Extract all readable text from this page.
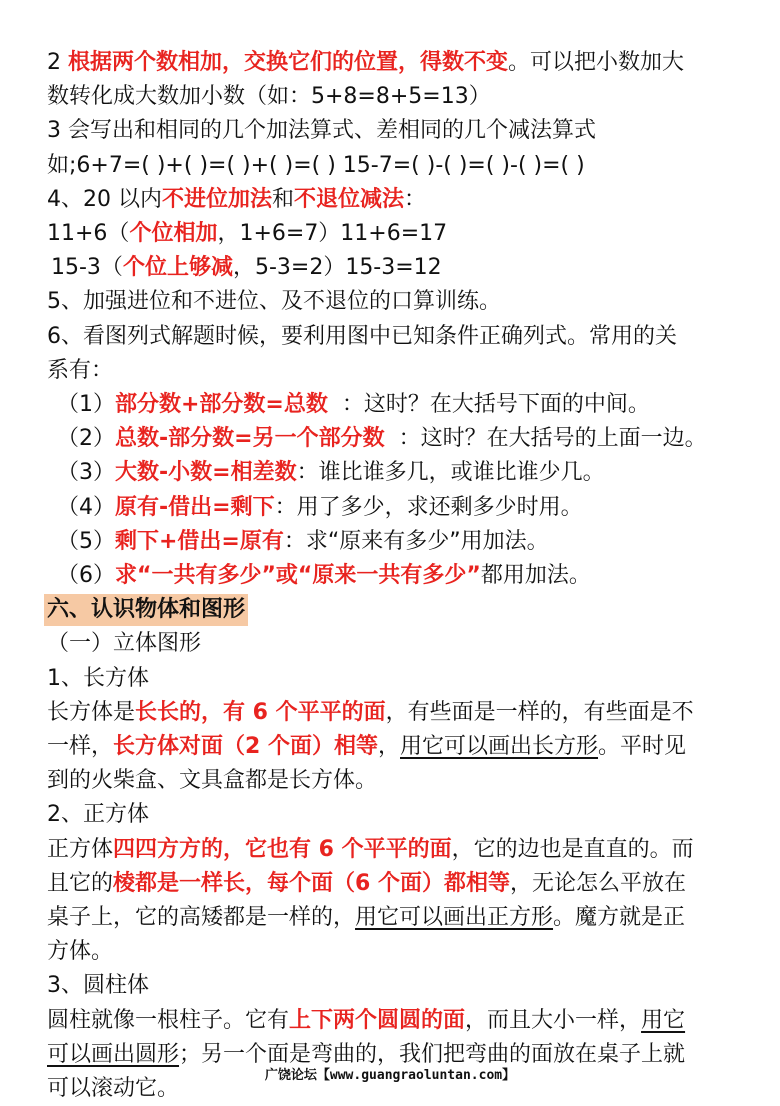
2 根据两个数相加，交换它们的位置，得数不变。可以把小数加大
数转化成大数加小数（如：5+8=8+5=13）
3 会写出和相同的几个加法算式、差相同的几个减法算式
如;6+7=( )+( )=( )+( )=( ) 15-7=( )-( )=( )-( )=( )
4、20 以内不进位加法和不退位减法：
11+6（个位相加，1+6=7）11+6=17
15-3（个位上够减，5-3=2）15-3=12
5、加强进位和不进位、及不退位的口算训练。
6、看图列式解题时候，要利用图中已知条件正确列式。常用的关
系有：
（1）部分数+部分数=总数  ：这时？在大括号下面的中间。
（2）总数-部分数=另一个部分数  ：这时？在大括号的上面一边。
（3）大数-小数=相差数：谁比谁多几，或谁比谁少几。
（4）原有-借出=剩下：用了多少，求还剩多少时用。
（5）剩下+借出=原有：求“原来有多少”用加法。
（6）求“一共有多少”或“原来一共有多少”都用加法。
六、认识物体和图形
（一）立体图形
1、长方体
长方体是长长的，有 6 个平平的面，有些面是一样的，有些面是不
一样，长方体对面（2 个面）相等，用它可以画出长方形。平时见
到的火柴盒、文具盒都是长方体。
2、正方体
正方体四四方方的，它也有 6 个平平的面，它的边也是直直的。而
且它的棱都是一样长，每个面（6 个面）都相等，无论怎么平放在
桌子上，它的高矮都是一样的，用它可以画出正方形。魔方就是正
方体。
3、圆柱体
圆柱就像一根柱子。它有上下两个圆圆的面，而且大小一样，用它
可以画出圆形；另一个面是弯曲的，我们把弯曲的面放在桌子上就
可以滚动它。
广饶论坛【www.guangraoluntan.com】
